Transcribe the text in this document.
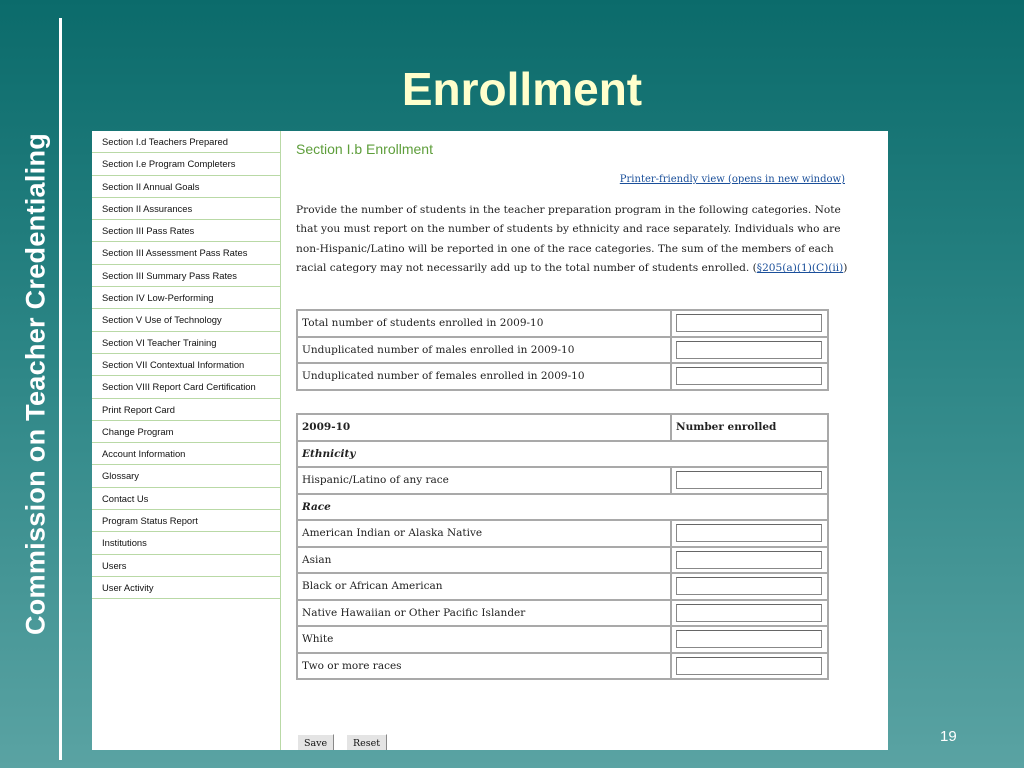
Commission on Teacher Credentialing
Enrollment
19
Section I.d Teachers Prepared
Section I.e Program Completers
Section II Annual Goals
Section II Assurances
Section III Pass Rates
Section III Assessment Pass Rates
Section III Summary Pass Rates
Section IV Low-Performing
Section V Use of Technology
Section VI Teacher Training
Section VII Contextual Information
Section VIII Report Card Certification
Print Report Card
Change Program
Account Information
Glossary
Contact Us
Program Status Report
Institutions
Users
User Activity
Section I.b Enrollment
Printer-friendly view (opens in new window)
Provide the number of students in the teacher preparation program in the following categories. Note that you must report on the number of students by ethnicity and race separately. Individuals who are non-Hispanic/Latino will be reported in one of the race categories. The sum of the members of each racial category may not necessarily add up to the total number of students enrolled. (§205(a)(1)(C)(ii))
Total number of students enrolled in 2009-10	

Unduplicated number of males enrolled in 2009-10	

Unduplicated number of females enrolled in 2009-10	
2009-10	Number enrolled
Ethnicity	
Hispanic/Latino of any race	

Race	
American Indian or Alaska Native	

Asian	

Black or African American	

Native Hawaiian or Other Pacific Islander	

White	

Two or more races	
Save	Reset
